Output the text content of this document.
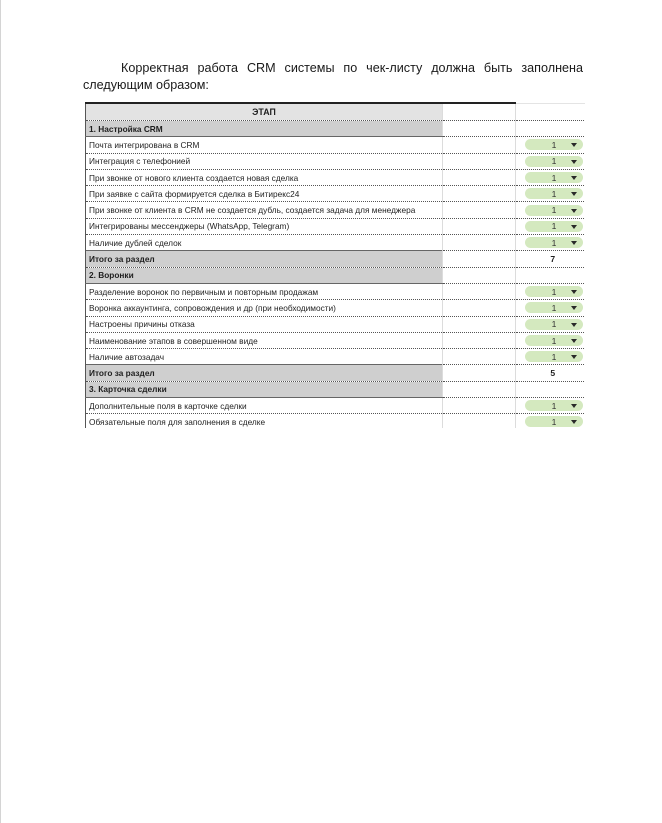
Корректная работа CRM системы по чек-листу должна быть заполнена следующим образом:

ЭТАП		
1. Настройка CRM		
Почта интегрирована в CRM		1

Интеграция с телефонией		1

При звонке от нового клиента создается новая сделка		1

При заявке с сайта формируется сделка в Битирекс24		1

При звонке от клиента в CRM не создается дубль, создается задача для менеджера		1

Интегрированы мессенджеры (WhatsApp, Telegram)		1

Наличие дублей сделок		1

Итого за раздел		7

2. Воронки		
Разделение воронок по первичным и повторным продажам		1

Воронка аккаунтинга, сопровождения и др (при необходимости)		1

Настроены причины отказа		1

Наименование этапов в совершенном виде		1

Наличие автозадач		1

Итого за раздел		5

3. Карточка сделки		
Дополнительные поля в карточке сделки		1

Обязательные поля для заполнения в сделке		1
